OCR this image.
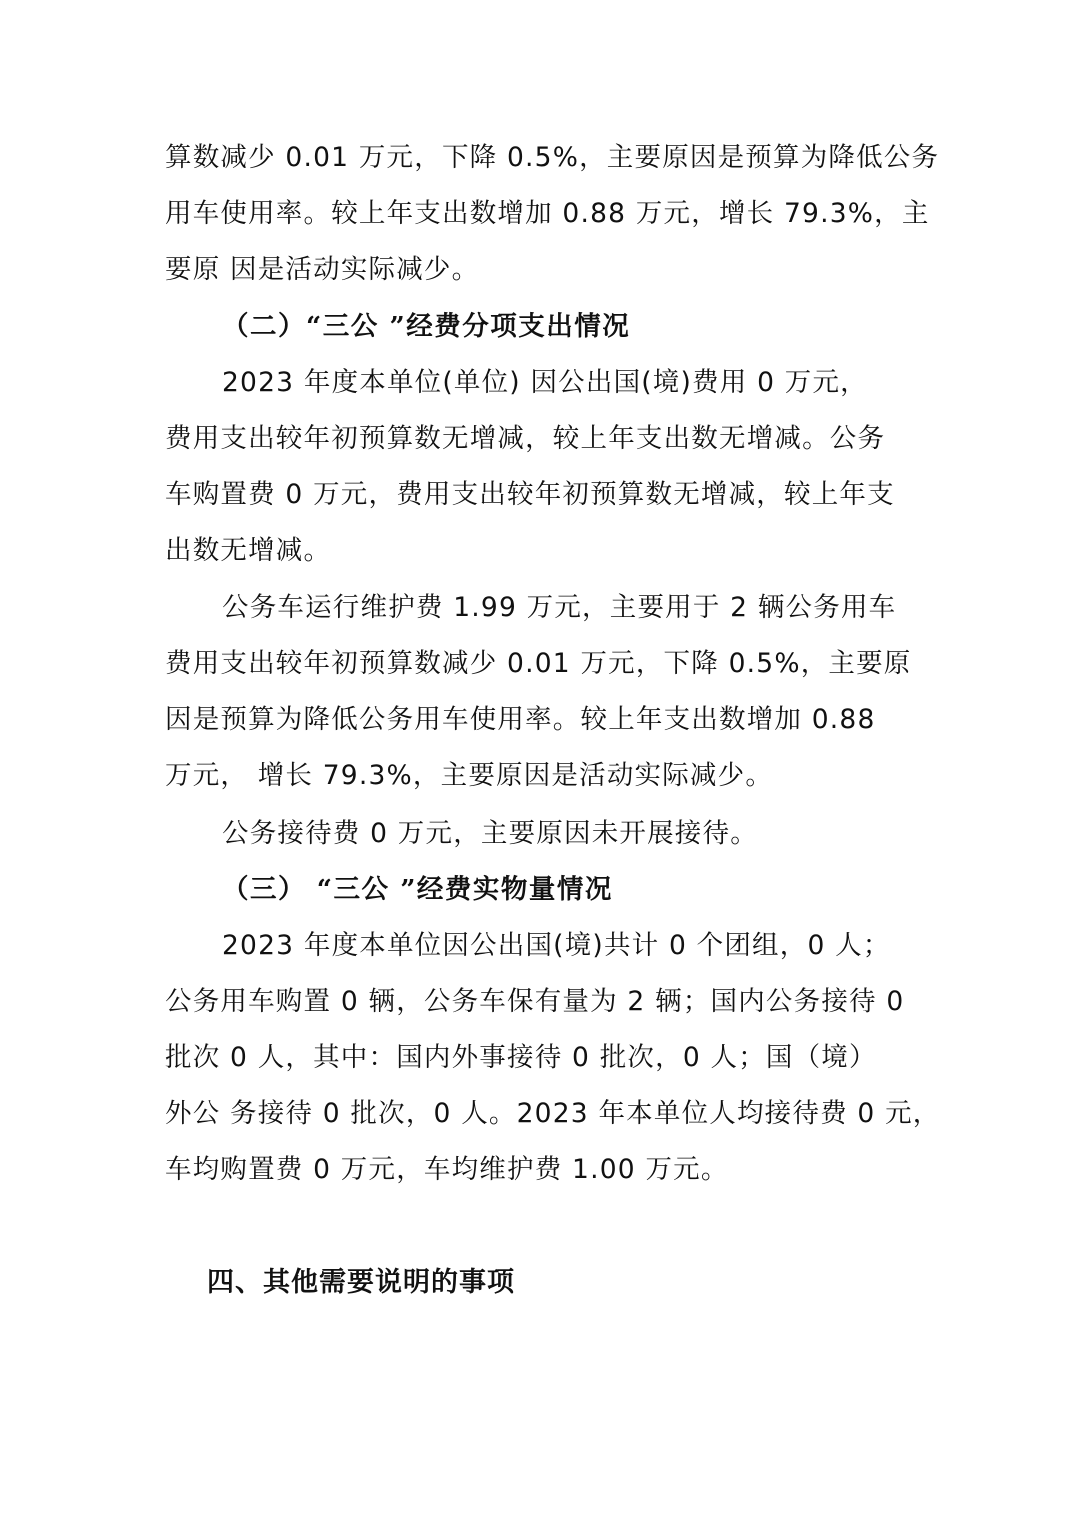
算数减少 0.01 万元，下降 0.5%，主要原因是预算为降低公务
用车使用率。较上年支出数增加 0.88 万元，增长 79.3%，主
要原 因是活动实际减少。
（二）“三公 ”经费分项支出情况
2023 年度本单位(单位) 因公出国(境)费用 0 万元，
费用支出较年初预算数无增减，较上年支出数无增减。公务
车购置费 0 万元，费用支出较年初预算数无增减，较上年支
出数无增减。
公务车运行维护费 1.99 万元，主要用于 2 辆公务用车
费用支出较年初预算数减少 0.01 万元，下降 0.5%，主要原
因是预算为降低公务用车使用率。较上年支出数增加 0.88
万元， 增长 79.3%，主要原因是活动实际减少。
公务接待费 0 万元，主要原因未开展接待。
（三） “三公 ”经费实物量情况
2023 年度本单位因公出国(境)共计 0 个团组，0 人；
公务用车购置 0 辆，公务车保有量为 2 辆；国内公务接待 0
批次 0 人，其中：国内外事接待 0 批次，0 人；国（境）
外公 务接待 0 批次，0 人。2023 年本单位人均接待费 0 元，
车均购置费 0 万元，车均维护费 1.00 万元。
四、其他需要说明的事项
